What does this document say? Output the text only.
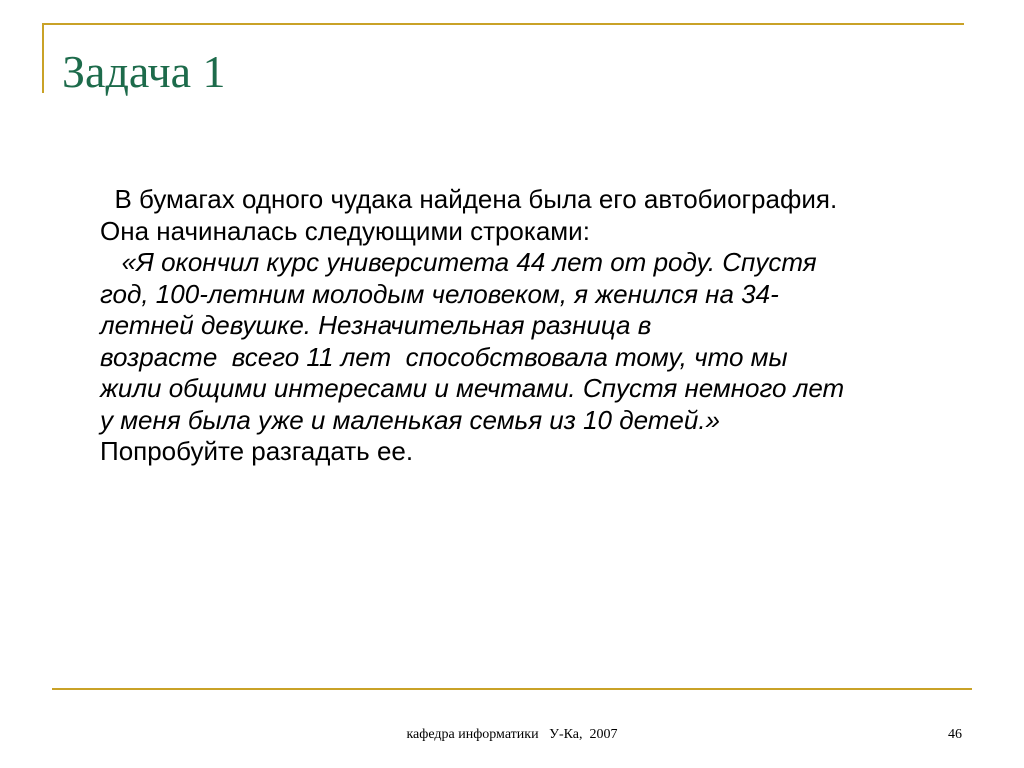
Задача 1
В бумагах одного чудака найдена была его автобиография.
Она начиналась следующими строками:
«Я окончил курс университета 44 лет от роду. Спустя
год, 100-летним молодым человеком, я женился на 34-
летней девушке. Незначительная разница в
возрасте  всего 11 лет  способствовала тому, что мы
жили общими интересами и мечтами. Спустя немного лет
у меня была уже и маленькая семья из 10 детей.»
Попробуйте разгадать ее.
кафедра информатики   У-Ка,  2007	46
